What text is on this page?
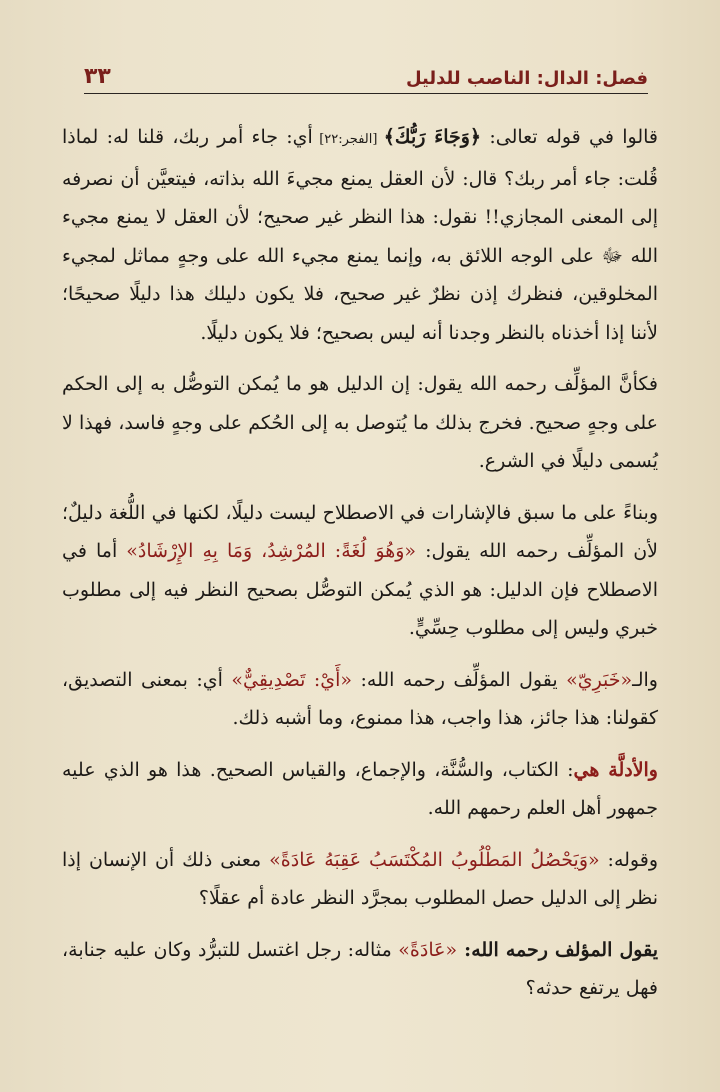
فصل: الدال: الناصب للدليل
٣٣

قالوا في قوله تعالى: ﴿وَجَاءَ رَبُّكَ﴾ [الفجر:٢٢] أي: جاء أمر ربك، قلنا له: لماذا قُلت: جاء أمر ربك؟ قال: لأن العقل يمنع مجيءَ الله بذاته، فيتعيَّن أن نصرفه إلى المعنى المجازي!! نقول: هذا النظر غير صحيح؛ لأن العقل لا يمنع مجيء الله ﷻ على الوجه اللائق به، وإنما يمنع مجيء الله على وجهٍ مماثل لمجيء المخلوقين، فنظرك إذن نظرٌ غير صحيح، فلا يكون دليلك هذا دليلًا صحيحًا؛ لأننا إذا أخذناه بالنظر وجدنا أنه ليس بصحيح؛ فلا يكون دليلًا.

فكأنَّ المؤلِّف رحمه الله يقول: إن الدليل هو ما يُمكن التوصُّل به إلى الحكم على وجهٍ صحيح. فخرج بذلك ما يُتوصل به إلى الحُكم على وجهٍ فاسد، فهذا لا يُسمى دليلًا في الشرع.

وبناءً على ما سبق فالإشارات في الاصطلاح ليست دليلًا، لكنها في اللُّغة دليلٌ؛ لأن المؤلِّف رحمه الله يقول: «وَهُوَ لُغَةً: المُرْشِدُ، وَمَا بِهِ الإِرْشَادُ» أما في الاصطلاح فإن الدليل: هو الذي يُمكن التوصُّل بصحيح النظر فيه إلى مطلوب خبري وليس إلى مطلوب حِسِّيٍّ.

والـ«خَبَرِيّ» يقول المؤلِّف رحمه الله: «أَيْ: تَصْدِيقِيٌّ» أي: بمعنى التصديق، كقولنا: هذا جائز، هذا واجب، هذا ممنوع، وما أشبه ذلك.

والأدلَّة هي: الكتاب، والسُّنَّة، والإجماع، والقياس الصحيح. هذا هو الذي عليه جمهور أهل العلم رحمهم الله.

وقوله: «وَيَحْصُلُ المَطْلُوبُ المُكْتَسَبُ عَقِبَهُ عَادَةً» معنى ذلك أن الإنسان إذا نظر إلى الدليل حصل المطلوب بمجرَّد النظر عادة أم عقلًا؟

يقول المؤلف رحمه الله: «عَادَةً» مثاله: رجل اغتسل للتبرُّد وكان عليه جنابة، فهل يرتفع حدثه؟
